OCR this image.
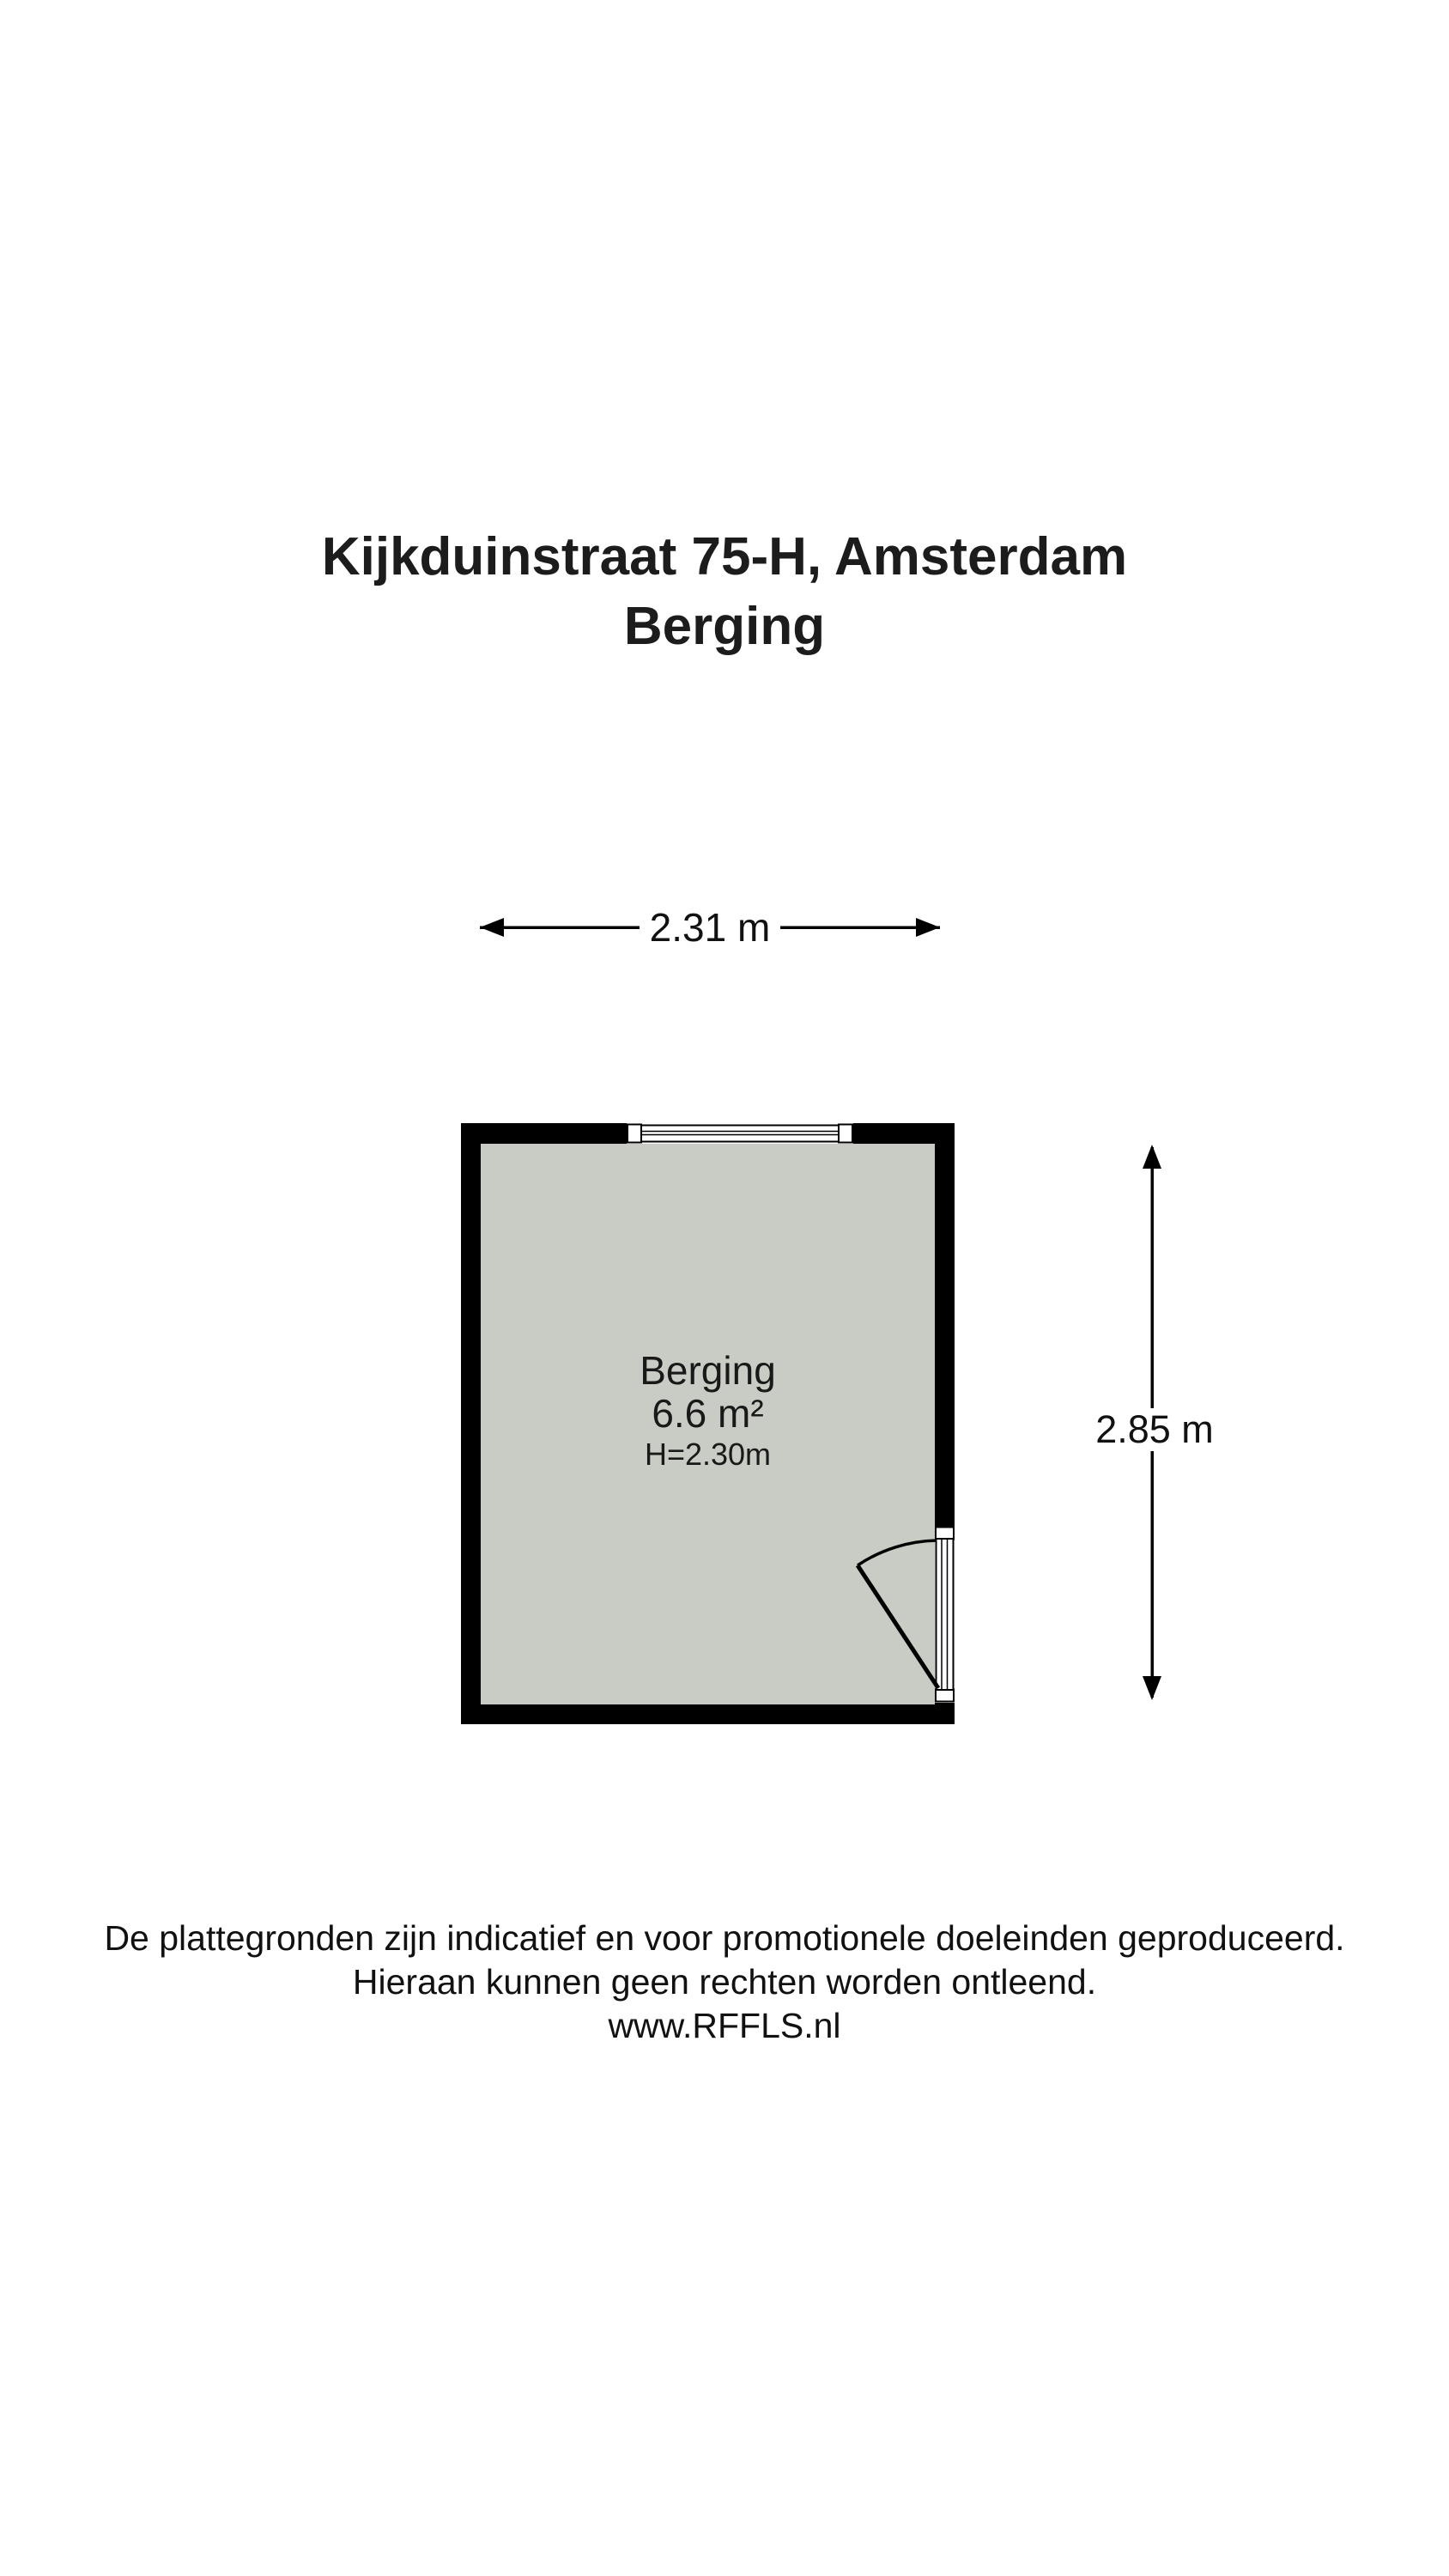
Kijkduinstraat 75-H, Amsterdam
Berging
2.31 m
2.85 m
Berging
6.6 m²
H=2.30m
De plattegronden zijn indicatief en voor promotionele doeleinden geproduceerd.
Hieraan kunnen geen rechten worden ontleend.
www.RFFLS.nl
